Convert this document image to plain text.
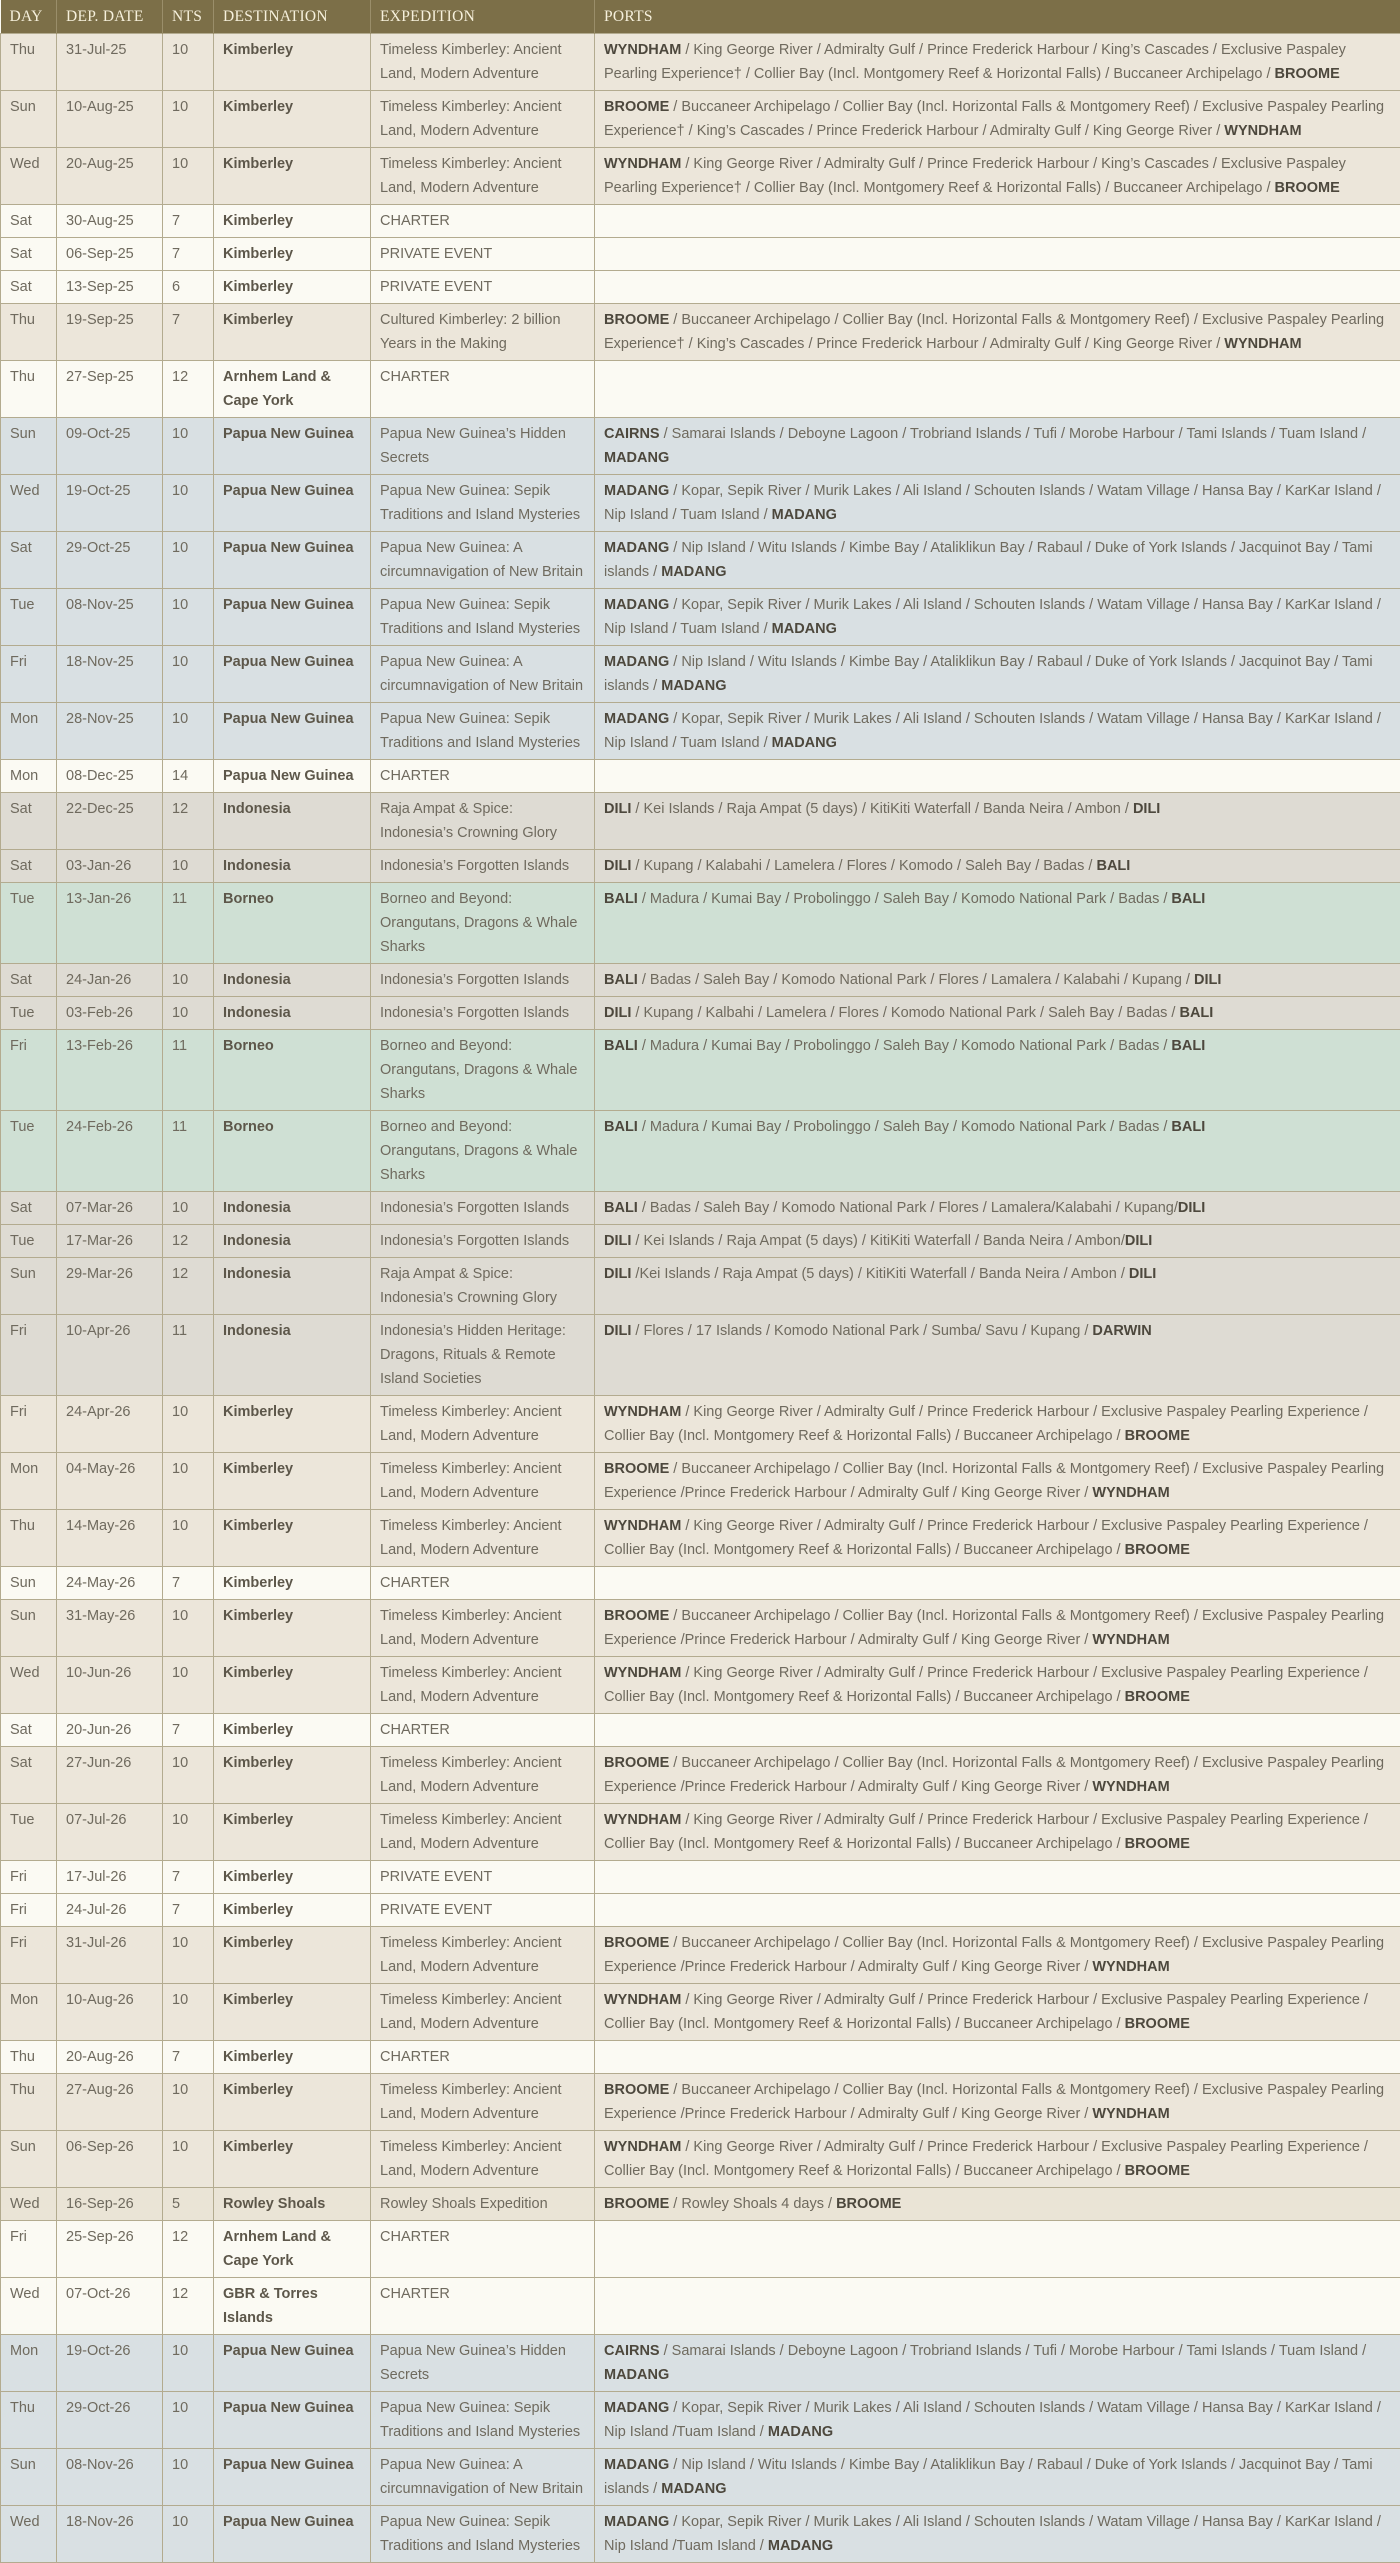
DAY	DEP. DATE	NTS	DESTINATION	EXPEDITION	PORTS
Thu	31-Jul-25	10	Kimberley	Timeless Kimberley: Ancient Land, Modern Adventure	WYNDHAM / King George River / Admiralty Gulf / Prince Frederick Harbour / King’s Cascades / Exclusive Paspaley Pearling Experience† / Collier Bay (Incl. Montgomery Reef & Horizontal Falls) / Buccaneer Archipelago / BROOME
Sun	10-Aug-25	10	Kimberley	Timeless Kimberley: Ancient Land, Modern Adventure	BROOME / Buccaneer Archipelago / Collier Bay (Incl. Horizontal Falls & Montgomery Reef) / Exclusive Paspaley Pearling Experience† / King’s Cascades / Prince Frederick Harbour / Admiralty Gulf / King George River / WYNDHAM
Wed	20-Aug-25	10	Kimberley	Timeless Kimberley: Ancient Land, Modern Adventure	WYNDHAM / King George River / Admiralty Gulf / Prince Frederick Harbour / King’s Cascades / Exclusive Paspaley Pearling Experience† / Collier Bay (Incl. Montgomery Reef & Horizontal Falls) / Buccaneer Archipelago / BROOME
Sat	30-Aug-25	7	Kimberley	CHARTER	
Sat	06-Sep-25	7	Kimberley	PRIVATE EVENT	
Sat	13-Sep-25	6	Kimberley	PRIVATE EVENT	
Thu	19-Sep-25	7	Kimberley	Cultured Kimberley: 2 billion Years in the Making	BROOME / Buccaneer Archipelago / Collier Bay (Incl. Horizontal Falls & Montgomery Reef) / Exclusive Paspaley Pearling Experience† / King’s Cascades / Prince Frederick Harbour / Admiralty Gulf / King George River / WYNDHAM
Thu	27-Sep-25	12	Arnhem Land & Cape York	CHARTER	
Sun	09-Oct-25	10	Papua New Guinea	Papua New Guinea’s Hidden Secrets	CAIRNS / Samarai Islands / Deboyne Lagoon / Trobriand Islands / Tufi / Morobe Harbour / Tami Islands / Tuam Island / MADANG
Wed	19-Oct-25	10	Papua New Guinea	Papua New Guinea: Sepik Traditions and Island Mysteries	MADANG / Kopar, Sepik River / Murik Lakes / Ali Island / Schouten Islands / Watam Village / Hansa Bay / KarKar Island / Nip Island / Tuam Island / MADANG
Sat	29-Oct-25	10	Papua New Guinea	Papua New Guinea: A circumnavigation of New Britain	MADANG / Nip Island / Witu Islands / Kimbe Bay / Ataliklikun Bay / Rabaul / Duke of York Islands / Jacquinot Bay / Tami islands / MADANG
Tue	08-Nov-25	10	Papua New Guinea	Papua New Guinea: Sepik Traditions and Island Mysteries	MADANG / Kopar, Sepik River / Murik Lakes / Ali Island / Schouten Islands / Watam Village / Hansa Bay / KarKar Island / Nip Island / Tuam Island / MADANG
Fri	18-Nov-25	10	Papua New Guinea	Papua New Guinea: A circumnavigation of New Britain	MADANG / Nip Island / Witu Islands / Kimbe Bay / Ataliklikun Bay / Rabaul / Duke of York Islands / Jacquinot Bay / Tami islands / MADANG
Mon	28-Nov-25	10	Papua New Guinea	Papua New Guinea: Sepik Traditions and Island Mysteries	MADANG / Kopar, Sepik River / Murik Lakes / Ali Island / Schouten Islands / Watam Village / Hansa Bay / KarKar Island / Nip Island / Tuam Island / MADANG
Mon	08-Dec-25	14	Papua New Guinea	CHARTER	
Sat	22-Dec-25	12	Indonesia	Raja Ampat & Spice: Indonesia’s Crowning Glory	DILI / Kei Islands / Raja Ampat (5 days) / KitiKiti Waterfall / Banda Neira / Ambon / DILI
Sat	03-Jan-26	10	Indonesia	Indonesia’s Forgotten Islands	DILI / Kupang / Kalabahi / Lamelera / Flores / Komodo / Saleh Bay / Badas / BALI
Tue	13-Jan-26	11	Borneo	Borneo and Beyond: Orangutans, Dragons & Whale Sharks	BALI / Madura / Kumai Bay / Probolinggo / Saleh Bay / Komodo National Park / Badas / BALI
Sat	24-Jan-26	10	Indonesia	Indonesia’s Forgotten Islands	BALI / Badas / Saleh Bay / Komodo National Park / Flores / Lamalera / Kalabahi / Kupang / DILI
Tue	03-Feb-26	10	Indonesia	Indonesia’s Forgotten Islands	DILI / Kupang / Kalbahi / Lamelera / Flores / Komodo National Park / Saleh Bay / Badas / BALI
Fri	13-Feb-26	11	Borneo	Borneo and Beyond: Orangutans, Dragons & Whale Sharks	BALI / Madura / Kumai Bay / Probolinggo / Saleh Bay / Komodo National Park / Badas / BALI
Tue	24-Feb-26	11	Borneo	Borneo and Beyond: Orangutans, Dragons & Whale Sharks	BALI / Madura / Kumai Bay / Probolinggo / Saleh Bay / Komodo National Park / Badas / BALI
Sat	07-Mar-26	10	Indonesia	Indonesia’s Forgotten Islands	BALI / Badas / Saleh Bay / Komodo National Park / Flores / Lamalera/Kalabahi / Kupang/DILI
Tue	17-Mar-26	12	Indonesia	Indonesia’s Forgotten Islands	DILI / Kei Islands / Raja Ampat (5 days) / KitiKiti Waterfall / Banda Neira / Ambon/DILI
Sun	29-Mar-26	12	Indonesia	Raja Ampat & Spice: Indonesia’s Crowning Glory	DILI /Kei Islands / Raja Ampat (5 days) / KitiKiti Waterfall / Banda Neira / Ambon / DILI
Fri	10-Apr-26	11	Indonesia	Indonesia’s Hidden Heritage: Dragons, Rituals & Remote Island Societies	DILI / Flores / 17 Islands / Komodo National Park / Sumba/ Savu / Kupang / DARWIN
Fri	24-Apr-26	10	Kimberley	Timeless Kimberley: Ancient Land, Modern Adventure	WYNDHAM / King George River / Admiralty Gulf / Prince Frederick Harbour / Exclusive Paspaley Pearling Experience / Collier Bay (Incl. Montgomery Reef & Horizontal Falls) / Buccaneer Archipelago / BROOME
Mon	04-May-26	10	Kimberley	Timeless Kimberley: Ancient Land, Modern Adventure	BROOME / Buccaneer Archipelago / Collier Bay (Incl. Horizontal Falls & Montgomery Reef) / Exclusive Paspaley Pearling Experience /Prince Frederick Harbour / Admiralty Gulf / King George River / WYNDHAM
Thu	14-May-26	10	Kimberley	Timeless Kimberley: Ancient Land, Modern Adventure	WYNDHAM / King George River / Admiralty Gulf / Prince Frederick Harbour / Exclusive Paspaley Pearling Experience / Collier Bay (Incl. Montgomery Reef & Horizontal Falls) / Buccaneer Archipelago / BROOME
Sun	24-May-26	7	Kimberley	CHARTER	
Sun	31-May-26	10	Kimberley	Timeless Kimberley: Ancient Land, Modern Adventure	BROOME / Buccaneer Archipelago / Collier Bay (Incl. Horizontal Falls & Montgomery Reef) / Exclusive Paspaley Pearling Experience /Prince Frederick Harbour / Admiralty Gulf / King George River / WYNDHAM
Wed	10-Jun-26	10	Kimberley	Timeless Kimberley: Ancient Land, Modern Adventure	WYNDHAM / King George River / Admiralty Gulf / Prince Frederick Harbour / Exclusive Paspaley Pearling Experience / Collier Bay (Incl. Montgomery Reef & Horizontal Falls) / Buccaneer Archipelago / BROOME
Sat	20-Jun-26	7	Kimberley	CHARTER	
Sat	27-Jun-26	10	Kimberley	Timeless Kimberley: Ancient Land, Modern Adventure	BROOME / Buccaneer Archipelago / Collier Bay (Incl. Horizontal Falls & Montgomery Reef) / Exclusive Paspaley Pearling Experience /Prince Frederick Harbour / Admiralty Gulf / King George River / WYNDHAM
Tue	07-Jul-26	10	Kimberley	Timeless Kimberley: Ancient Land, Modern Adventure	WYNDHAM / King George River / Admiralty Gulf / Prince Frederick Harbour / Exclusive Paspaley Pearling Experience / Collier Bay (Incl. Montgomery Reef & Horizontal Falls) / Buccaneer Archipelago / BROOME
Fri	17-Jul-26	7	Kimberley	PRIVATE EVENT	
Fri	24-Jul-26	7	Kimberley	PRIVATE EVENT	
Fri	31-Jul-26	10	Kimberley	Timeless Kimberley: Ancient Land, Modern Adventure	BROOME / Buccaneer Archipelago / Collier Bay (Incl. Horizontal Falls & Montgomery Reef) / Exclusive Paspaley Pearling Experience /Prince Frederick Harbour / Admiralty Gulf / King George River / WYNDHAM
Mon	10-Aug-26	10	Kimberley	Timeless Kimberley: Ancient Land, Modern Adventure	WYNDHAM / King George River / Admiralty Gulf / Prince Frederick Harbour / Exclusive Paspaley Pearling Experience / Collier Bay (Incl. Montgomery Reef & Horizontal Falls) / Buccaneer Archipelago / BROOME
Thu	20-Aug-26	7	Kimberley	CHARTER	
Thu	27-Aug-26	10	Kimberley	Timeless Kimberley: Ancient Land, Modern Adventure	BROOME / Buccaneer Archipelago / Collier Bay (Incl. Horizontal Falls & Montgomery Reef) / Exclusive Paspaley Pearling Experience /Prince Frederick Harbour / Admiralty Gulf / King George River / WYNDHAM
Sun	06-Sep-26	10	Kimberley	Timeless Kimberley: Ancient Land, Modern Adventure	WYNDHAM / King George River / Admiralty Gulf / Prince Frederick Harbour / Exclusive Paspaley Pearling Experience / Collier Bay (Incl. Montgomery Reef & Horizontal Falls) / Buccaneer Archipelago / BROOME
Wed	16-Sep-26	5	Rowley Shoals	Rowley Shoals Expedition	BROOME / Rowley Shoals 4 days / BROOME
Fri	25-Sep-26	12	Arnhem Land & Cape York	CHARTER	
Wed	07-Oct-26	12	GBR & Torres Islands	CHARTER	
Mon	19-Oct-26	10	Papua New Guinea	Papua New Guinea’s Hidden Secrets	CAIRNS / Samarai Islands / Deboyne Lagoon / Trobriand Islands / Tufi / Morobe Harbour / Tami Islands / Tuam Island / MADANG
Thu	29-Oct-26	10	Papua New Guinea	Papua New Guinea: Sepik Traditions and Island Mysteries	MADANG / Kopar, Sepik River / Murik Lakes / Ali Island / Schouten Islands / Watam Village / Hansa Bay / KarKar Island / Nip Island /Tuam Island / MADANG
Sun	08-Nov-26	10	Papua New Guinea	Papua New Guinea: A circumnavigation of New Britain	MADANG / Nip Island / Witu Islands / Kimbe Bay / Ataliklikun Bay / Rabaul / Duke of York Islands / Jacquinot Bay / Tami islands / MADANG
Wed	18-Nov-26	10	Papua New Guinea	Papua New Guinea: Sepik Traditions and Island Mysteries	MADANG / Kopar, Sepik River / Murik Lakes / Ali Island / Schouten Islands / Watam Village / Hansa Bay / KarKar Island / Nip Island /Tuam Island / MADANG
